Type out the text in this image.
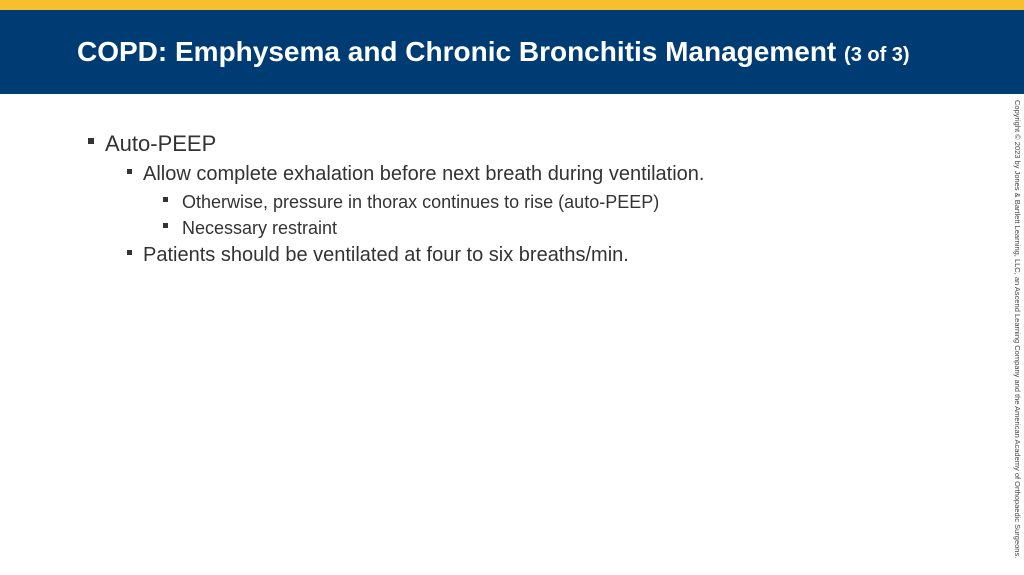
COPD: Emphysema and Chronic Bronchitis Management (3 of 3)
Auto-PEEP
Allow complete exhalation before next breath during ventilation.
Otherwise, pressure in thorax continues to rise (auto-PEEP)
Necessary restraint
Patients should be ventilated at four to six breaths/min.	Copyright © 2023 by Jones & Bartlett Learning, LLC, an Ascend Learning Company and the American Academy of Orthopaedic Surgeons.
